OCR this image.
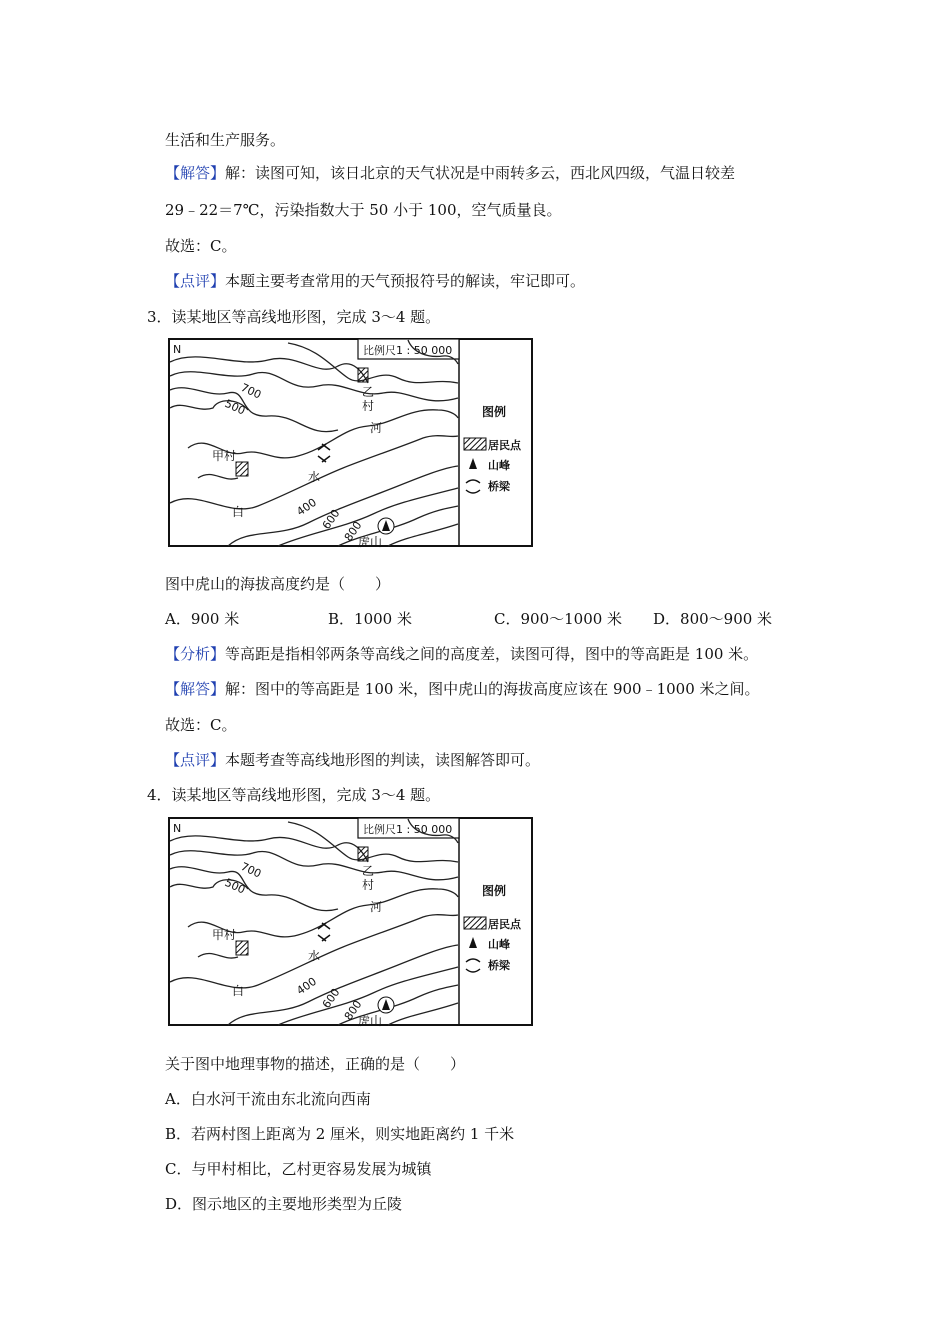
生活和生产服务。
【解答】解：读图可知，该日北京的天气状况是中雨转多云，西北风四级，气温日较差
29﹣22＝7℃，污染指数大于 50 小于 100，空气质量良。
故选：C。
【点评】本题主要考查常用的天气预报符号的解读，牢记即可。
3．读某地区等高线地形图，完成 3～4 题。
比例尺1 : 50 000
N
700
500
400 600 800
甲村
乙
村
河
水
白
虎山
图例
居民点
山峰
桥梁
图中虎山的海拔高度约是（　　）
A．900 米	B．1000 米	C．900～1000 米 D．800～900 米
【分析】等高距是指相邻两条等高线之间的高度差，读图可得，图中的等高距是 100 米。
【解答】解：图中的等高距是 100 米，图中虎山的海拔高度应该在 900﹣1000 米之间。
故选：C。
【点评】本题考查等高线地形图的判读，读图解答即可。
4．读某地区等高线地形图，完成 3～4 题。
比例尺1 : 50 000
N
700
500
400 600 800
甲村
乙
村
河
水
白
虎山
图例
居民点
山峰
桥梁
关于图中地理事物的描述，正确的是（　　）
A．白水河干流由东北流向西南
B．若两村图上距离为 2 厘米，则实地距离约 1 千米
C．与甲村相比，乙村更容易发展为城镇
D．图示地区的主要地形类型为丘陵
